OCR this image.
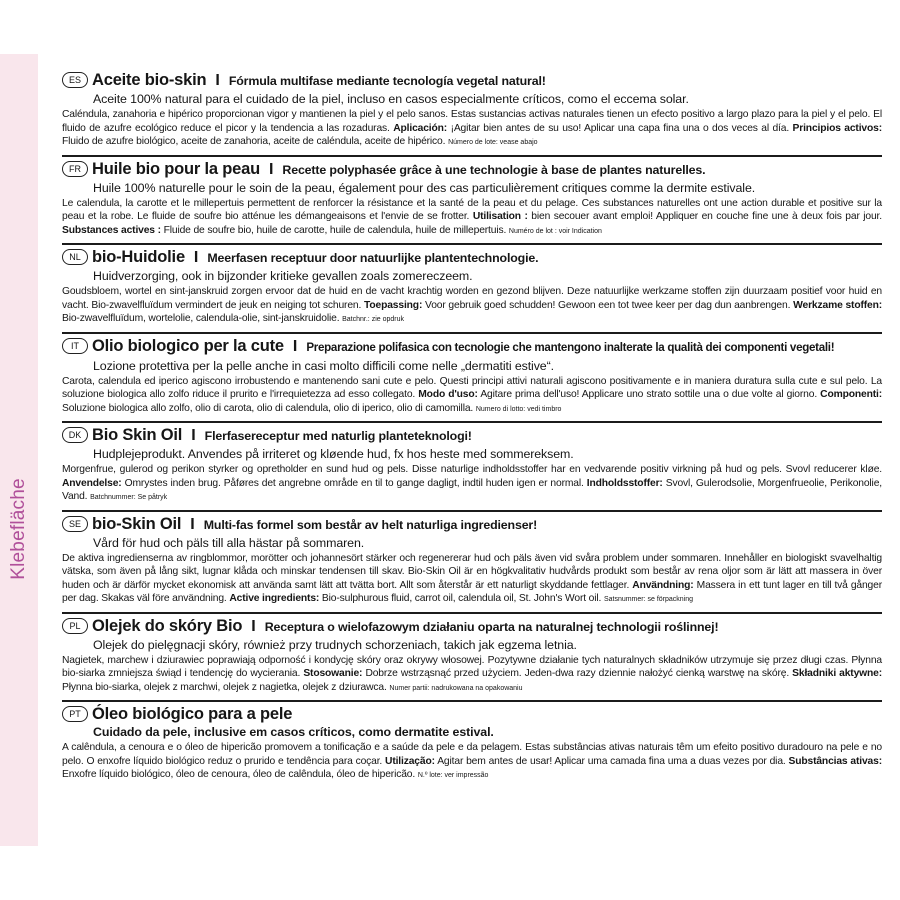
Klebefläche
ES Aceite bio-skin I Fórmula multifase mediante tecnología vegetal natural!
Aceite 100% natural para el cuidado de la piel, incluso en casos especialmente críticos, como el eccema solar.
Caléndula, zanahoria e hipérico proporcionan vigor y mantienen la piel y el pelo sanos. Estas sustancias activas naturales tienen un efecto positivo a largo plazo para la piel y el pelo. El fluido de azufre ecológico reduce el picor y la tendencia a las rozaduras. Aplicación: ¡Agitar bien antes de su uso! Aplicar una capa fina una o dos veces al día. Principios activos: Fluido de azufre biológico, aceite de zanahoria, aceite de caléndula, aceite de hipérico. Número de lote: vease abajo
FR Huile bio pour la peau I Recette polyphasée grâce à une technologie à base de plantes naturelles.
Huile 100% naturelle pour le soin de la peau, également pour des cas particulièrement critiques comme la dermite estivale.
Le calendula, la carotte et le millepertuis permettent de renforcer la résistance et la santé de la peau et du pelage. Ces substances naturelles ont une action durable et positive sur la peau et la robe. Le fluide de soufre bio atténue les démangeaisons et l'envie de se frotter. Utilisation : bien secouer avant emploi! Appliquer en couche fine une à deux fois par jour. Substances actives : Fluide de soufre bio, huile de carotte, huile de calendula, huile de millepertuis. Numéro de lot : voir Indication
NL bio-Huidolie I Meerfasen receptuur door natuurlijke plantentechnologie.
Huidverzorging, ook in bijzonder kritieke gevallen zoals zomereczeem.
Goudsbloem, wortel en sint-janskruid zorgen ervoor dat de huid en de vacht krachtig worden en gezond blijven. Deze natuurlijke werkzame stoffen zijn duurzaam positief voor huid en vacht. Bio-zwavelfluïdum vermindert de jeuk en neiging tot schuren. Toepassing: Voor gebruik goed schudden! Gewoon een tot twee keer per dag dun aanbrengen. Werkzame stoffen: Bio-zwavelfluïdum, wortelolie, calendula-olie, sint-janskruidolie. Batchnr.: zie opdruk
IT Olio biologico per la cute I Preparazione polifasica con tecnologie che mantengono inalterate la qualità dei componenti vegetali!
Lozione protettiva per la pelle anche in casi molto difficili come nelle „dermatiti estive“.
Carota, calendula ed iperico agiscono irrobustendo e mantenendo sani cute e pelo. Questi principi attivi naturali agiscono positivamente e in maniera duratura sulla cute e sul pelo. La soluzione biologica allo zolfo riduce il prurito e l'irrequietezza ad esso collegato. Modo d'uso: Agitare prima dell'uso! Applicare uno strato sottile una o due volte al giorno. Componenti: Soluzione biologica allo zolfo, olio di carota, olio di calendula, olio di iperico, olio di camomilla. Numero di lotto: vedi timbro
DK Bio Skin Oil I Flerfasereceptur med naturlig planteteknologi!
Hudplejeprodukt. Anvendes på irriteret og kløende hud, fx hos heste med sommereksem.
Morgenfrue, gulerod og perikon styrker og opretholder en sund hud og pels. Disse naturlige indholdsstoffer har en vedvarende positiv virkning på hud og pels. Svovl reducerer kløe. Anvendelse: Omrystes inden brug. Påføres det angrebne område en til to gange dagligt, indtil huden igen er normal. Indholdsstoffer: Svovl, Gulerodsolie, Morgenfrueolie, Perikonolie, Vand. Batchnummer: Se påtryk
SE bio-Skin Oil I Multi-fas formel som består av helt naturliga ingredienser!
Vård för hud och päls till alla hästar på sommaren.
De aktiva ingredienserna av ringblommor, morötter och johannesört stärker och regenererar hud och päls även vid svåra problem under sommaren. Innehåller en biologiskt svavelhaltig vätska, som även på lång sikt, lugnar klåda och minskar tendensen till skav. Bio-Skin Oil är en högkvalitativ hudvårds produkt som består av rena oljor som är lätt att massera in över huden och är därför mycket ekonomisk att använda samt lätt att tvätta bort. Allt som återstår är ett naturligt skyddande fettlager. Användning: Massera in ett tunt lager en till två gånger per dag. Skakas väl före användning. Active ingredients: Bio-sulphurous fluid, carrot oil, calendula oil, St. John's Wort oil. Satsnummer: se förpackning
PL Olejek do skóry Bio I Receptura o wielofazowym działaniu oparta na naturalnej technologii roślinnej!
Olejek do pielęgnacji skóry, również przy trudnych schorzeniach, takich jak egzema letnia.
Nagietek, marchew i dziurawiec poprawiają odporność i kondycję skóry oraz okrywy włosowej. Pozytywne działanie tych naturalnych składników utrzymuje się przez długi czas. Płynna bio-siarka zmniejsza świąd i tendencję do wycierania. Stosowanie: Dobrze wstrząsnąć przed użyciem. Jeden-dwa razy dziennie nałożyć cienką warstwę na skórę. Składniki aktywne: Płynna bio-siarka, olejek z marchwi, olejek z nagietka, olejek z dziurawca. Numer partii: nadrukowana na opakowaniu
PT Óleo biológico para a pele
Cuidado da pele, inclusive em casos críticos, como dermatite estival.
A calêndula, a cenoura e o óleo de hipericão promovem a tonificação e a saúde da pele e da pelagem. Estas substâncias ativas naturais têm um efeito positivo duradouro na pele e no pelo. O enxofre líquido biológico reduz o prurido e tendência para coçar. Utilização: Agitar bem antes de usar! Aplicar uma camada fina uma a duas vezes por dia. Substâncias ativas: Enxofre líquido biológico, óleo de cenoura, óleo de calêndula, óleo de hipericão. N.º lote: ver impressão
